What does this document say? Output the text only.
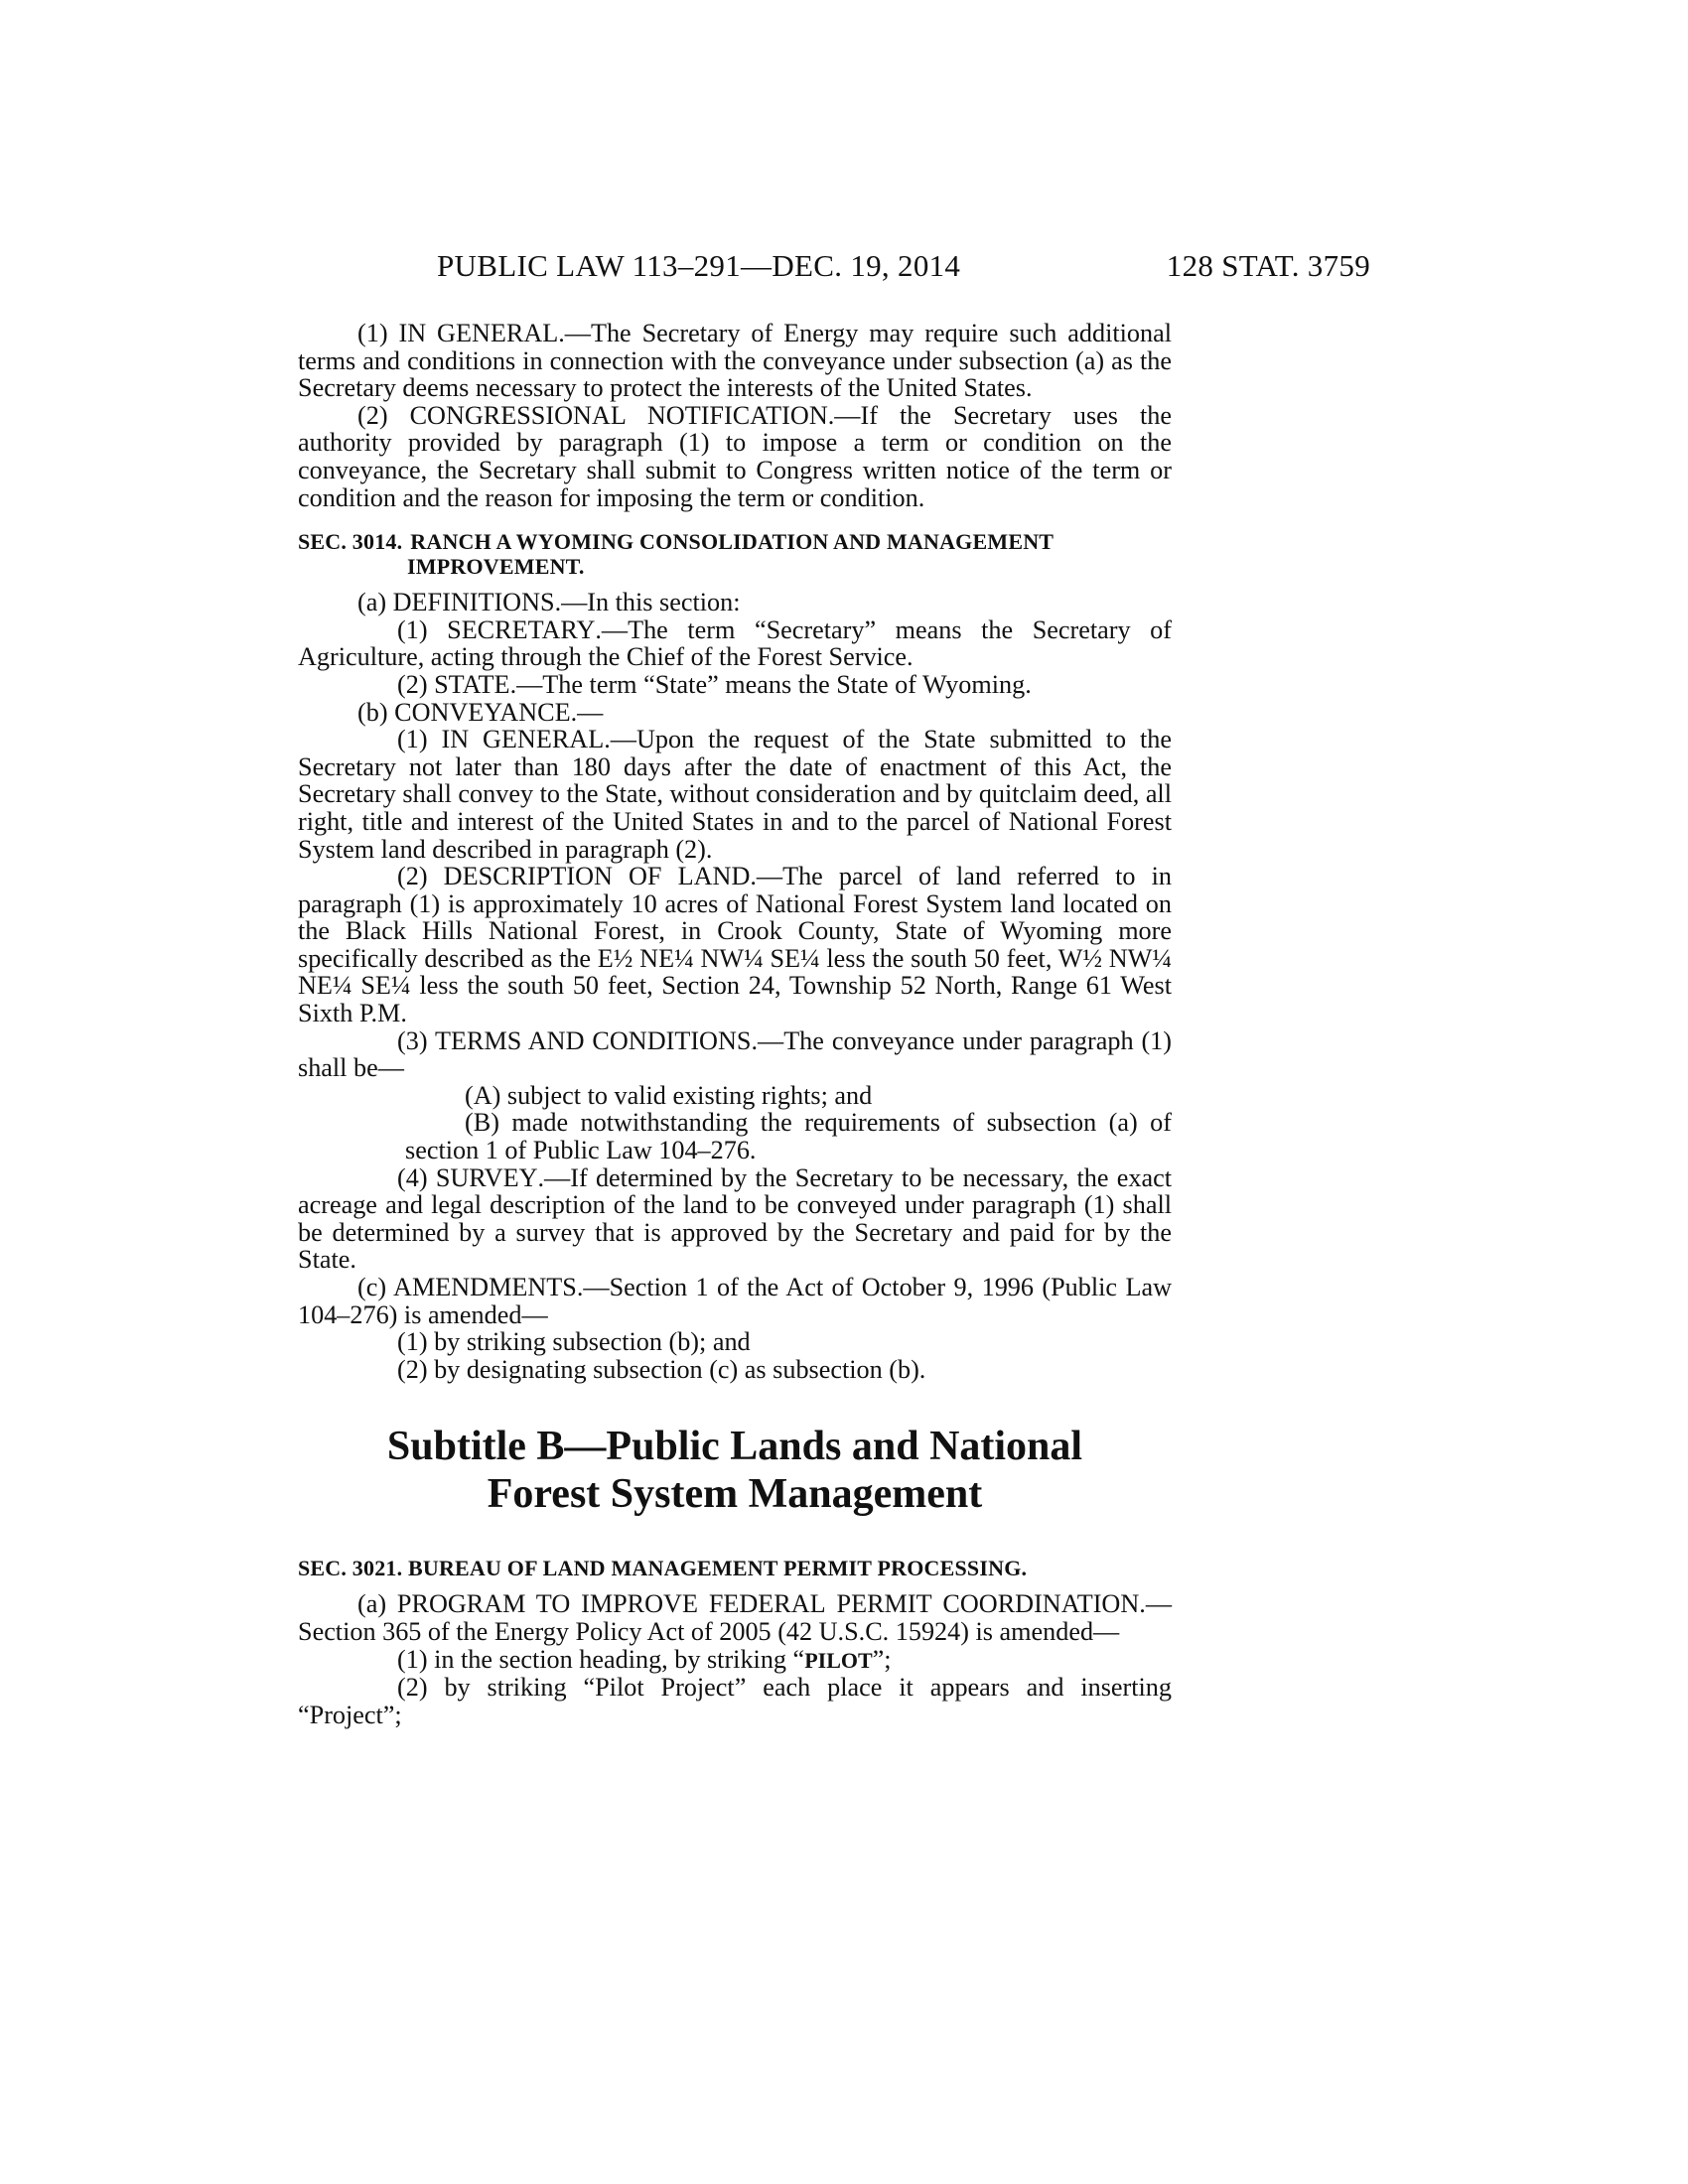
PUBLIC LAW 113–291—DEC. 19, 2014	128 STAT. 3759

(1) IN GENERAL.—The Secretary of Energy may require such additional terms and conditions in connection with the conveyance under subsection (a) as the Secretary deems necessary to protect the interests of the United States.

(2) CONGRESSIONAL NOTIFICATION.—If the Secretary uses the authority provided by paragraph (1) to impose a term or condition on the conveyance, the Secretary shall submit to Congress written notice of the term or condition and the reason for imposing the term or condition.

SEC. 3014. RANCH A WYOMING CONSOLIDATION AND MANAGEMENT
IMPROVEMENT.

(a) DEFINITIONS.—In this section:

(1) SECRETARY.—The term “Secretary” means the Secretary of Agriculture, acting through the Chief of the Forest Service.

(2) STATE.—The term “State” means the State of Wyoming.

(b) CONVEYANCE.—

(1) IN GENERAL.—Upon the request of the State submitted to the Secretary not later than 180 days after the date of enactment of this Act, the Secretary shall convey to the State, without consideration and by quitclaim deed, all right, title and interest of the United States in and to the parcel of National Forest System land described in paragraph (2).

(2) DESCRIPTION OF LAND.—The parcel of land referred to in paragraph (1) is approximately 10 acres of National Forest System land located on the Black Hills National Forest, in Crook County, State of Wyoming more specifically described as the E½ NE¼ NW¼ SE¼ less the south 50 feet, W½ NW¼ NE¼ SE¼ less the south 50 feet, Section 24, Township 52 North, Range 61 West Sixth P.M.

(3) TERMS AND CONDITIONS.—The conveyance under paragraph (1) shall be—

(A) subject to valid existing rights; and

(B) made notwithstanding the requirements of subsection (a) of section 1 of Public Law 104–276.

(4) SURVEY.—If determined by the Secretary to be necessary, the exact acreage and legal description of the land to be conveyed under paragraph (1) shall be determined by a survey that is approved by the Secretary and paid for by the State.

(c) AMENDMENTS.—Section 1 of the Act of October 9, 1996 (Public Law 104–276) is amended—

(1) by striking subsection (b); and

(2) by designating subsection (c) as subsection (b).

Subtitle B—Public Lands and National
Forest System Management
SEC. 3021. BUREAU OF LAND MANAGEMENT PERMIT PROCESSING.

(a) PROGRAM TO IMPROVE FEDERAL PERMIT COORDINATION.— Section 365 of the Energy Policy Act of 2005 (42 U.S.C. 15924) is amended—

(1) in the section heading, by striking “PILOT”;

(2) by striking “Pilot Project” each place it appears and inserting “Project”;
